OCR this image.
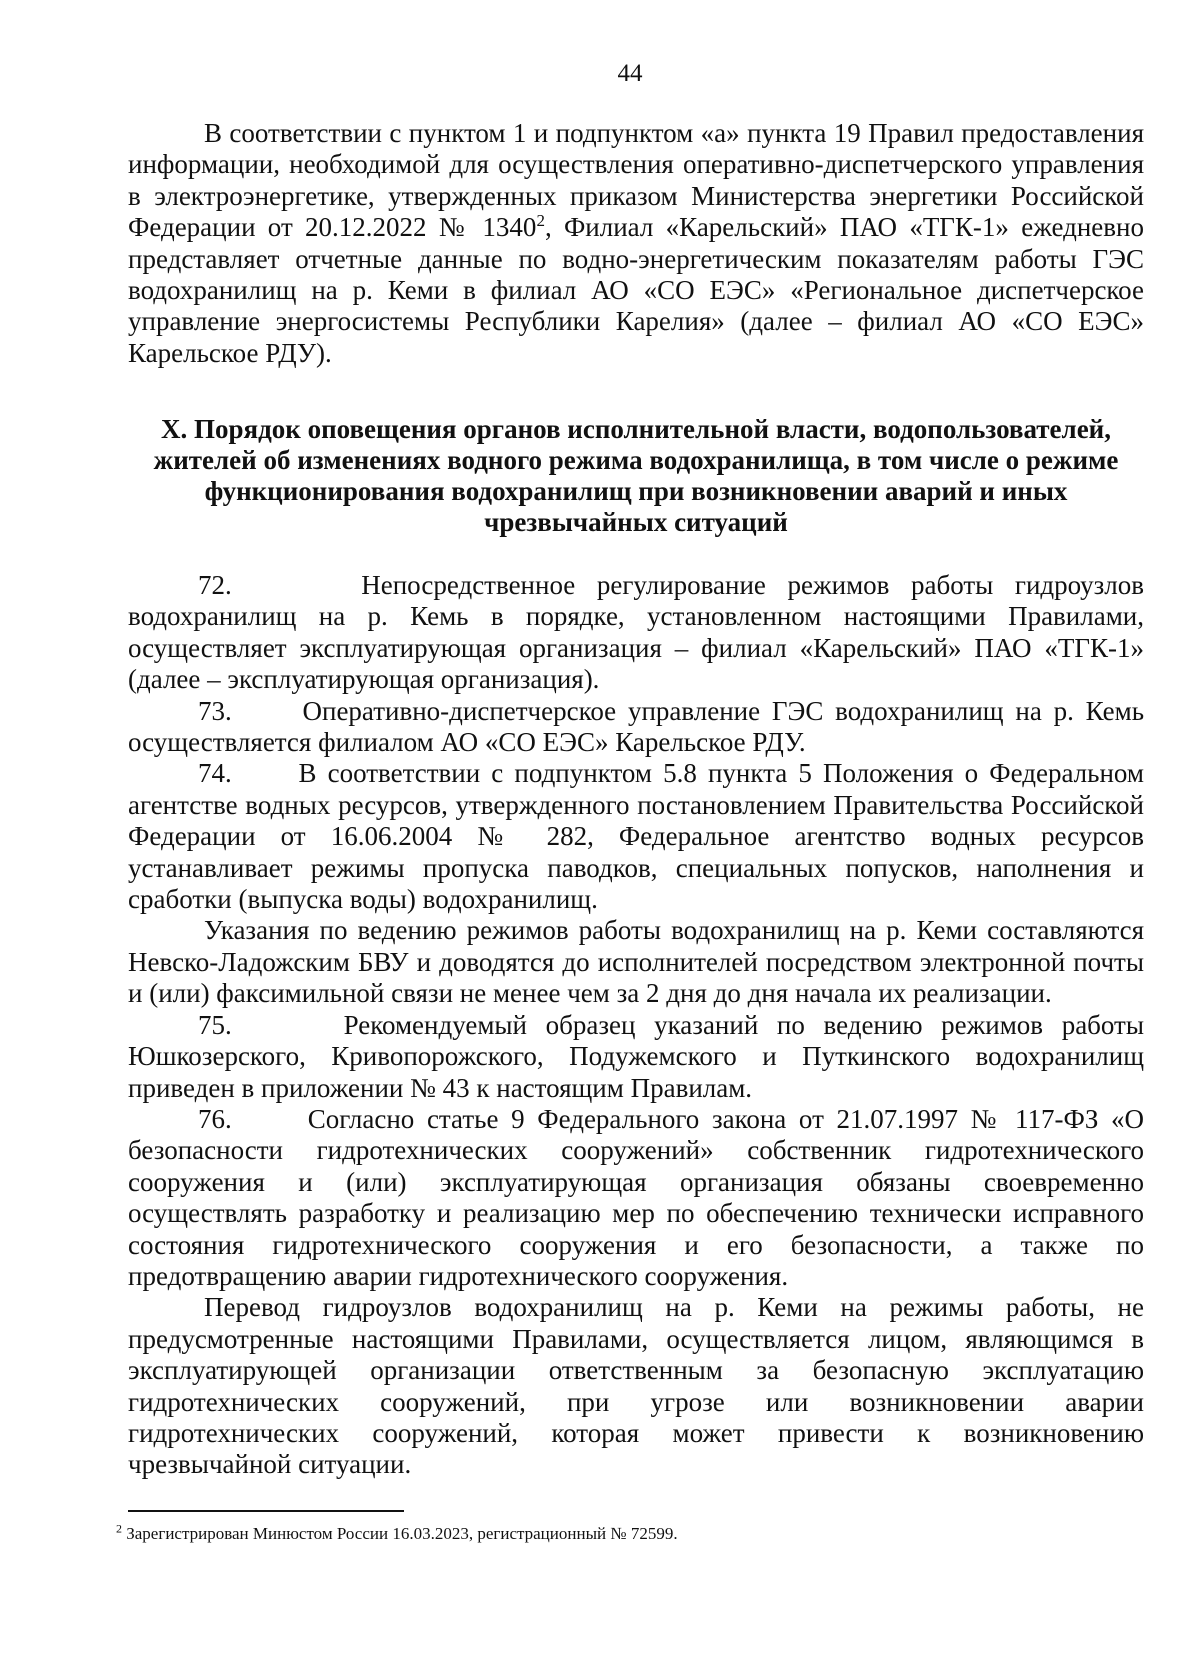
44

В соответствии с пунктом 1 и подпунктом «а» пункта 19 Правил предоставления информации, необходимой для осуществления оперативно-диспетчерского управления в электроэнергетике, утвержденных приказом Министерства энергетики Российской Федерации от 20.12.2022 № 1340$^2$, Филиал «Карельский» ПАО «ТГК-1» ежедневно представляет отчетные данные по водно-энергетическим показателям работы ГЭС водохранилищ на р. Кеми в филиал АО «СО ЕЭС» «Региональное диспетчерское управление энергосистемы Республики Карелия» (далее – филиал АО «СО ЕЭС» Карельское РДУ).

X. Порядок оповещения органов исполнительной власти, водопользователей, жителей об изменениях водного режима водохранилища, в том числе о режиме функционирования водохранилищ при возникновении аварий и иных чрезвычайных ситуаций

72.	Непосредственное регулирование режимов работы гидроузлов водохранилищ на р. Кемь в порядке, установленном настоящими Правилами, осуществляет эксплуатирующая организация – филиал «Карельский» ПАО «ТГК-1» (далее – эксплуатирующая организация).

73.	Оперативно-диспетчерское управление ГЭС водохранилищ на р. Кемь осуществляется филиалом АО «СО ЕЭС» Карельское РДУ.

74. В соответствии с подпунктом 5.8 пункта 5 Положения о Федеральном агентстве водных ресурсов, утвержденного постановлением Правительства Российской Федерации от 16.06.2004 № 282, Федеральное агентство водных ресурсов устанавливает режимы пропуска паводков, специальных попусков, наполнения и сработки (выпуска воды) водохранилищ.

Указания по ведению режимов работы водохранилищ на р. Кеми составляются Невско-Ладожским БВУ и доводятся до исполнителей посредством электронной почты и (или) факсимильной связи не менее чем за 2 дня до дня начала их реализации.

75.	Рекомендуемый образец указаний по ведению режимов работы Юшкозерского, Кривопорожского, Подужемского и Путкинского водохранилищ приведен в приложении № 43 к настоящим Правилам.

76.	Согласно статье 9 Федерального закона от 21.07.1997 № 117-ФЗ «О безопасности гидротехнических сооружений» собственник гидротехнического сооружения и (или) эксплуатирующая организация обязаны своевременно осуществлять разработку и реализацию мер по обеспечению технически исправного состояния гидротехнического сооружения и его безопасности, а также по предотвращению аварии гидротехнического сооружения.

Перевод гидроузлов водохранилищ на р. Кеми на режимы работы, не предусмотренные настоящими Правилами, осуществляется лицом, являющимся в эксплуатирующей организации ответственным за безопасную эксплуатацию гидротехнических сооружений, при угрозе или возникновении аварии гидротехнических сооружений, которая может привести к возникновению чрезвычайной ситуации.

$^2$ Зарегистрирован Минюстом России 16.03.2023, регистрационный № 72599.
